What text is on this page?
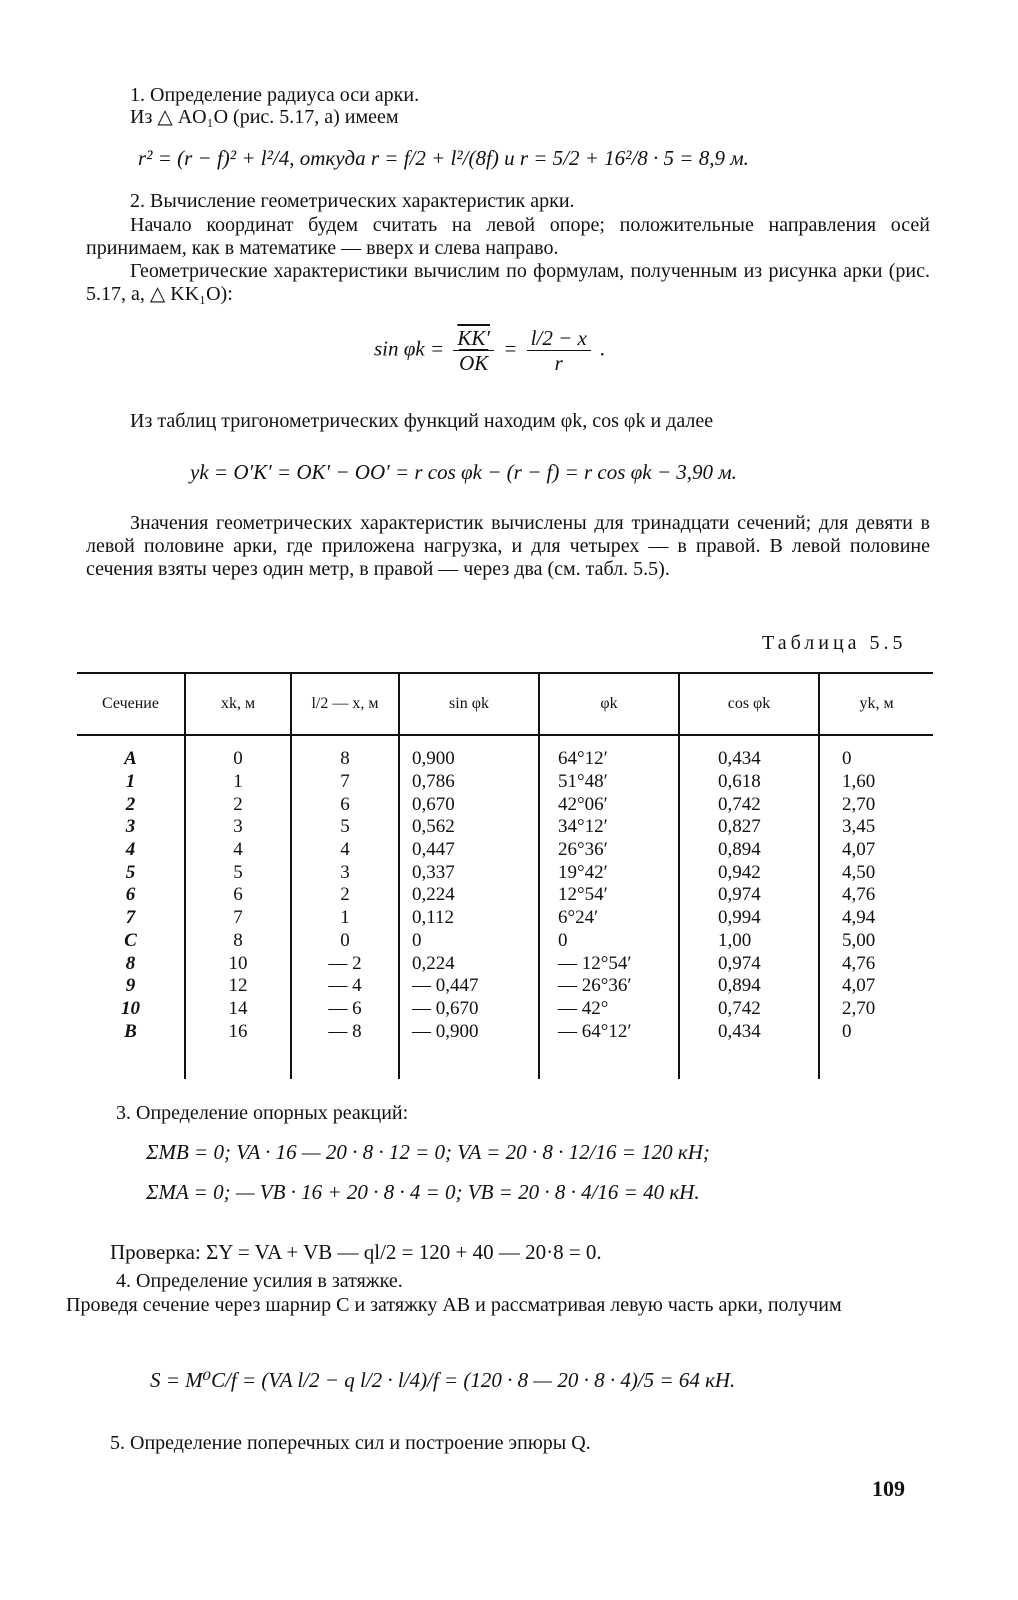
1. Определение радиуса оси арки.

Из △ AO₁O (рис. 5.17, а) имеем

r² = (r − f)² + l²/4, откуда r = f/2 + l²/(8f) и r = 5/2 + 16²/8 · 5 = 8,9 м.

2. Вычисление геометрических характеристик арки.

Начало координат будем считать на левой опоре; положительные направления осей принимаем, как в математике — вверх и слева направо.

Геометрические характеристики вычислим по формулам, полученным из рисунка арки (рис. 5.17, а, △ KK₁O):

$\sin \varphi k = \frac{KK'}{OK} = \frac{l/2 - x}{r}$ .

Из таблиц тригонометрических функций находим φk, cos φk и далее

yk = O′K′ = OK′ − OO′ = r cos φk − (r − f) = r cos φk − 3,90 м.

Значения геометрических характеристик вычислены для тринадцати сечений; для девяти в левой половине арки, где приложена нагрузка, и для четырех — в правой. В левой половине сечения взяты через один метр, в правой — через два (см. табл. 5.5).

Таблица 5.5
Сечение	xk, м	l/2 — x, м	sin φk	φk	cos φk	yk, м

A	0	8	0,900	64°12′	0,434	0
1	1	7	0,786	51°48′	0,618	1,60
2	2	6	0,670	42°06′	0,742	2,70
3	3	5	0,562	34°12′	0,827	3,45
4	4	4	0,447	26°36′	0,894	4,07
5	5	3	0,337	19°42′	0,942	4,50
6	6	2	0,224	12°54′	0,974	4,76
7	7	1	0,112	6°24′	0,994	4,94
C	8	0	0	0	1,00	5,00
8	10	— 2	0,224	— 12°54′	0,974	4,76
9	12	— 4	— 0,447	— 26°36′	0,894	4,07
10	14	— 6	— 0,670	— 42°	0,742	2,70
B	16	— 8	— 0,900	— 64°12′	0,434	0

3. Определение опорных реакций:

ΣMB = 0; VA · 16 — 20 · 8 · 12 = 0; VA = 20 · 8 · 12/16 = 120 кН;
ΣMA = 0; — VB · 16 + 20 · 8 · 4 = 0; VB = 20 · 8 · 4/16 = 40 кН.
Проверка: ΣY = VA + VB — ql/2 = 120 + 40 — 20·8 = 0.

4. Определение усилия в затяжке.

Проведя сечение через шарнир C и затяжку AB и рассматривая левую часть арки, получим

S = M⁰C/f = (VA l/2 − q l/2 · l/4)/f = (120 · 8 — 20 · 8 · 4)/5 = 64 кН.

5. Определение поперечных сил и построение эпюры Q.

109
